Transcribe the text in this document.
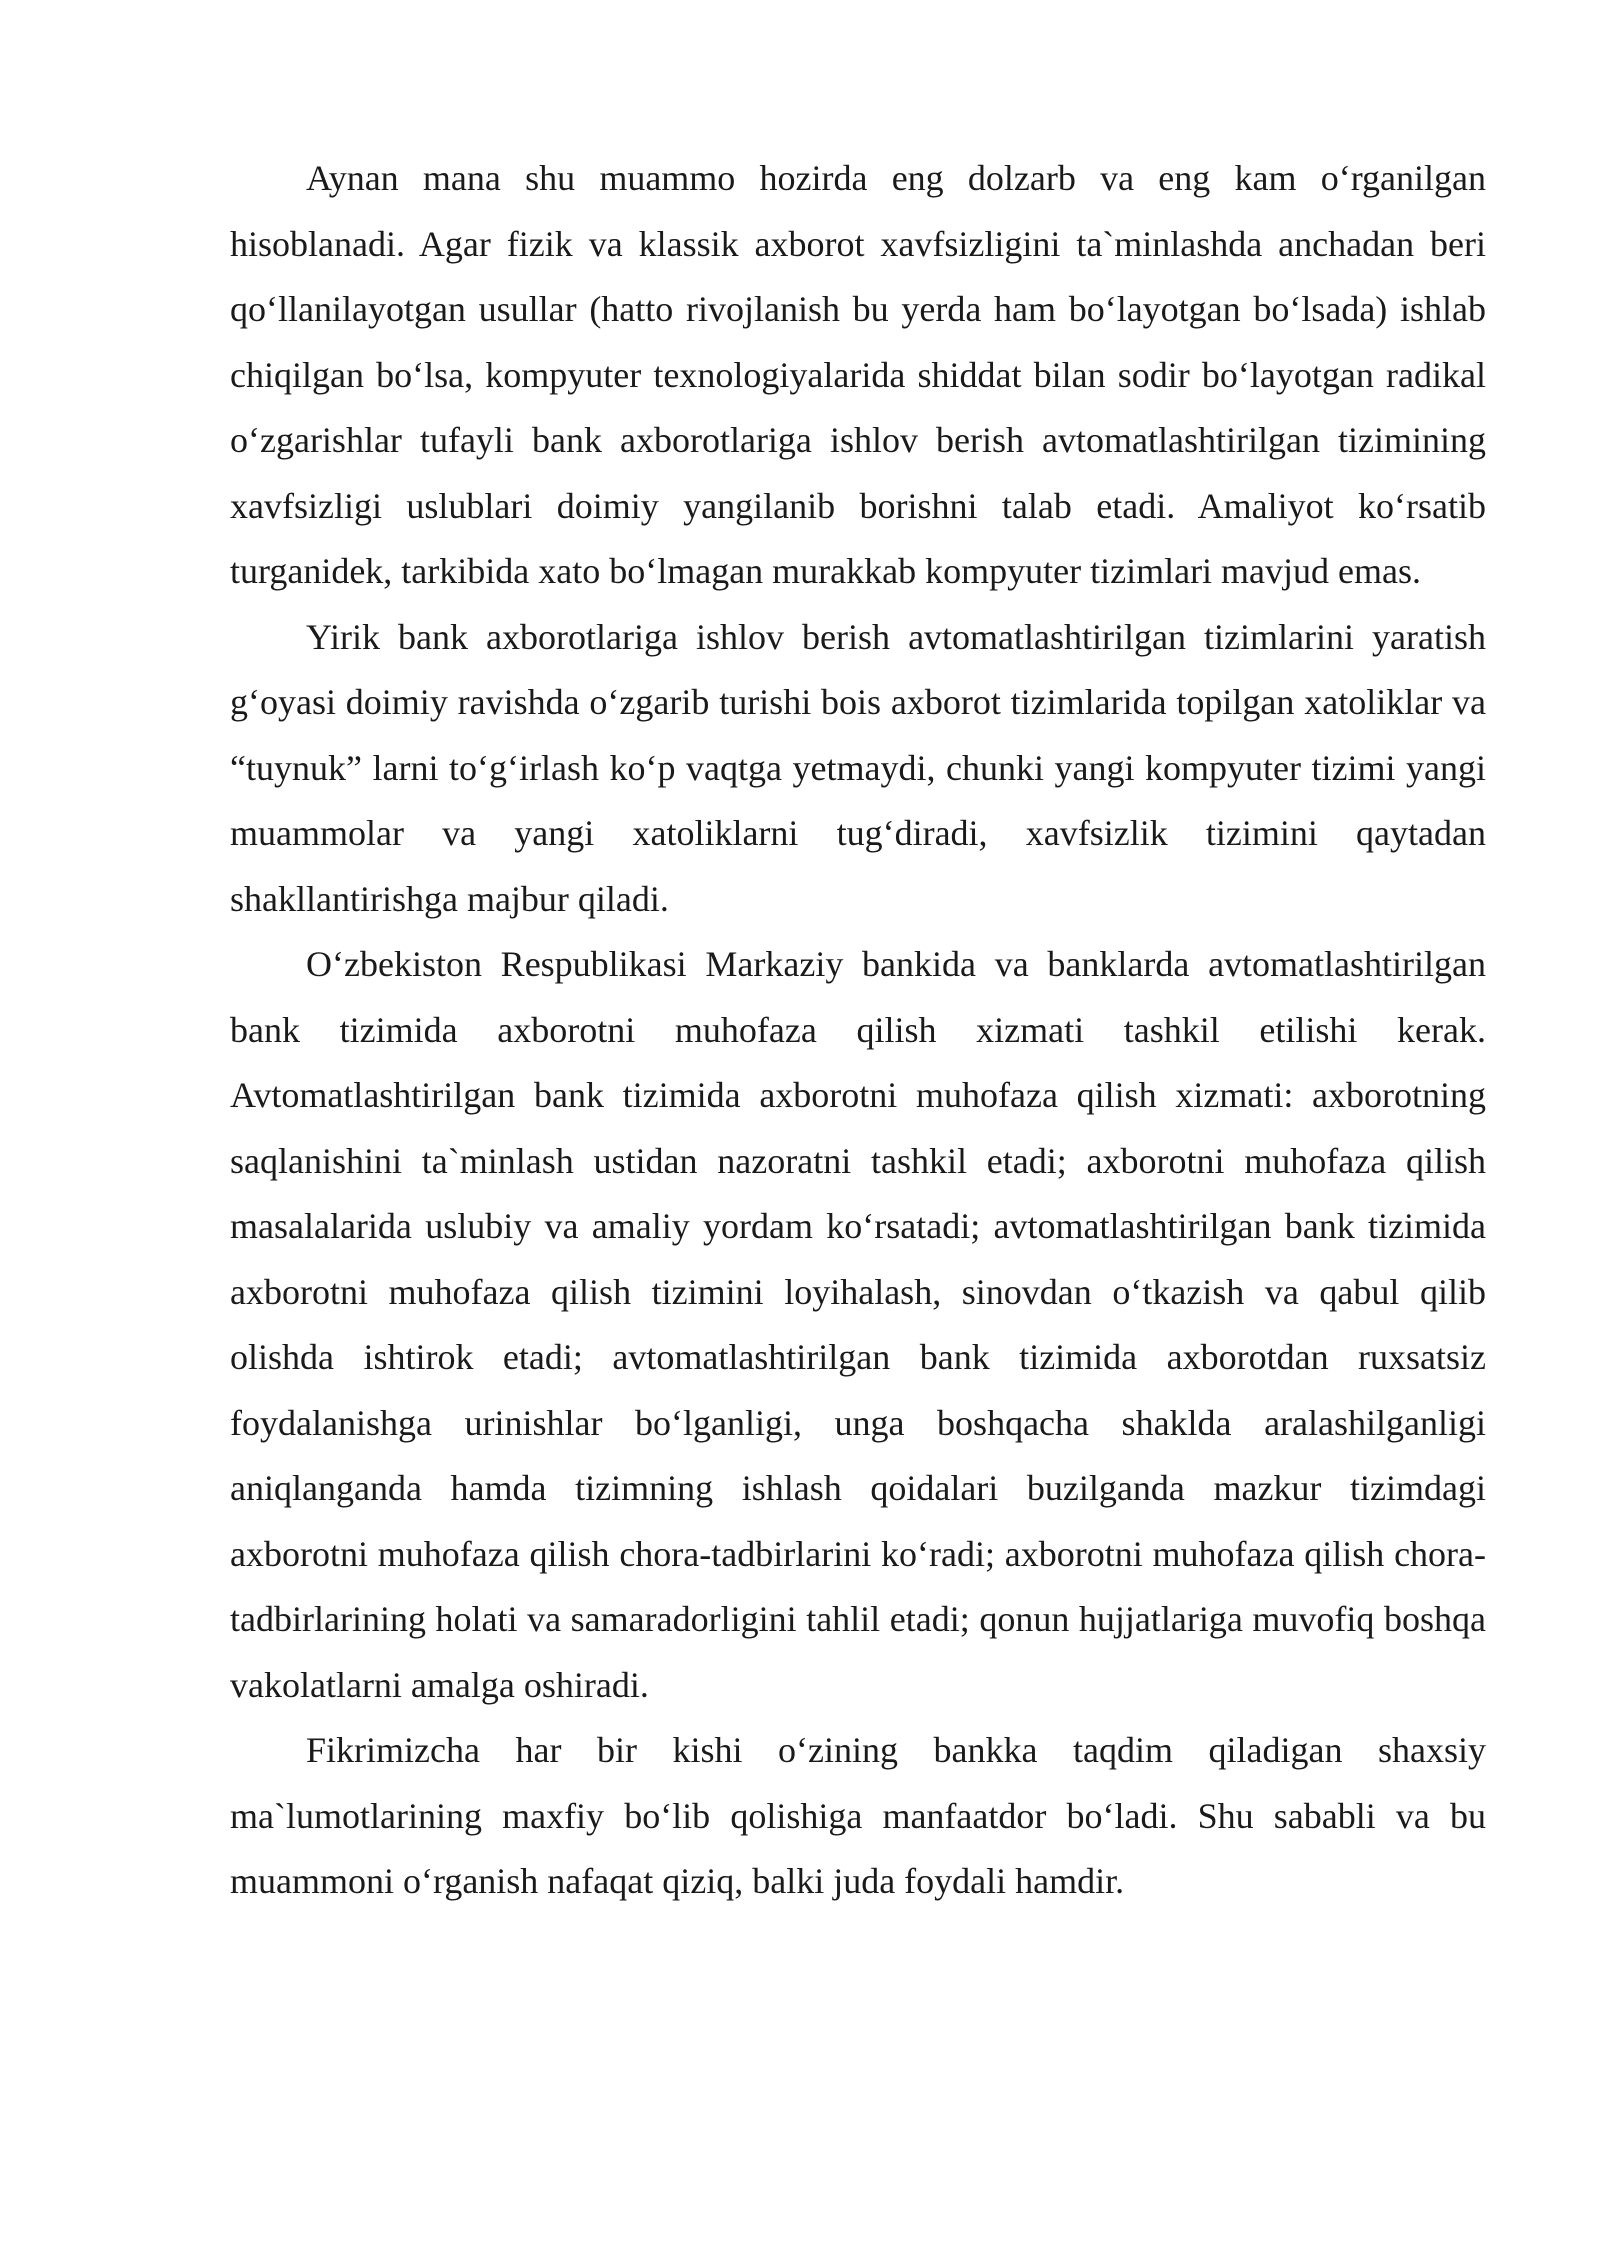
Aynan mana shu muammo hozirda eng dolzarb va eng kam o‘rganilgan hisoblanadi. Agar fizik va klassik axborot xavfsizligini ta`minlashda anchadan beri qo‘llanilayotgan usullar (hatto rivojlanish bu yerda ham bo‘layotgan bo‘lsada) ishlab chiqilgan bo‘lsa, kompyuter texnologiyalarida shiddat bilan sodir bo‘layotgan radikal o‘zgarishlar tufayli bank axborotlariga ishlov berish avtomatlashtirilgan tizimining xavfsizligi uslublari doimiy yangilanib borishni talab etadi. Amaliyot ko‘rsatib turganidek, tarkibida xato bo‘lmagan murakkab kompyuter tizimlari mavjud emas.

Yirik bank axborotlariga ishlov berish avtomatlashtirilgan tizimlarini yaratish g‘oyasi doimiy ravishda o‘zgarib turishi bois axborot tizimlarida topilgan xatoliklar va “tuynuk” larni to‘g‘irlash ko‘p vaqtga yetmaydi, chunki yangi kompyuter tizimi yangi muammolar va yangi xatoliklarni tug‘diradi, xavfsizlik tizimini qaytadan shakllantirishga majbur qiladi.

O‘zbekiston Respublikasi Markaziy bankida va banklarda avtomatlashtirilgan bank tizimida axborotni muhofaza qilish xizmati tashkil etilishi kerak. Avtomatlashtirilgan bank tizimida axborotni muhofaza qilish xizmati: axborotning saqlanishini ta`minlash ustidan nazoratni tashkil etadi; axborotni muhofaza qilish masalalarida uslubiy va amaliy yordam ko‘rsatadi; avtomatlashtirilgan bank tizimida axborotni muhofaza qilish tizimini loyihalash, sinovdan o‘tkazish va qabul qilib olishda ishtirok etadi; avtomatlashtirilgan bank tizimida axborotdan ruxsatsiz foydalanishga urinishlar bo‘lganligi, unga boshqacha shaklda aralashilganligi aniqlanganda hamda tizimning ishlash qoidalari buzilganda mazkur tizimdagi axborotni muhofaza qilish chora-tadbirlarini ko‘radi; axborotni muhofaza qilish chora-tadbirlarining holati va samaradorligini tahlil etadi; qonun hujjatlariga muvofiq boshqa vakolatlarni amalga oshiradi.

Fikrimizcha har bir kishi o‘zining bankka taqdim qiladigan shaxsiy ma`lumotlarining maxfiy bo‘lib qolishiga manfaatdor bo‘ladi. Shu sababli va bu muammoni o‘rganish nafaqat qiziq, balki juda foydali hamdir.
